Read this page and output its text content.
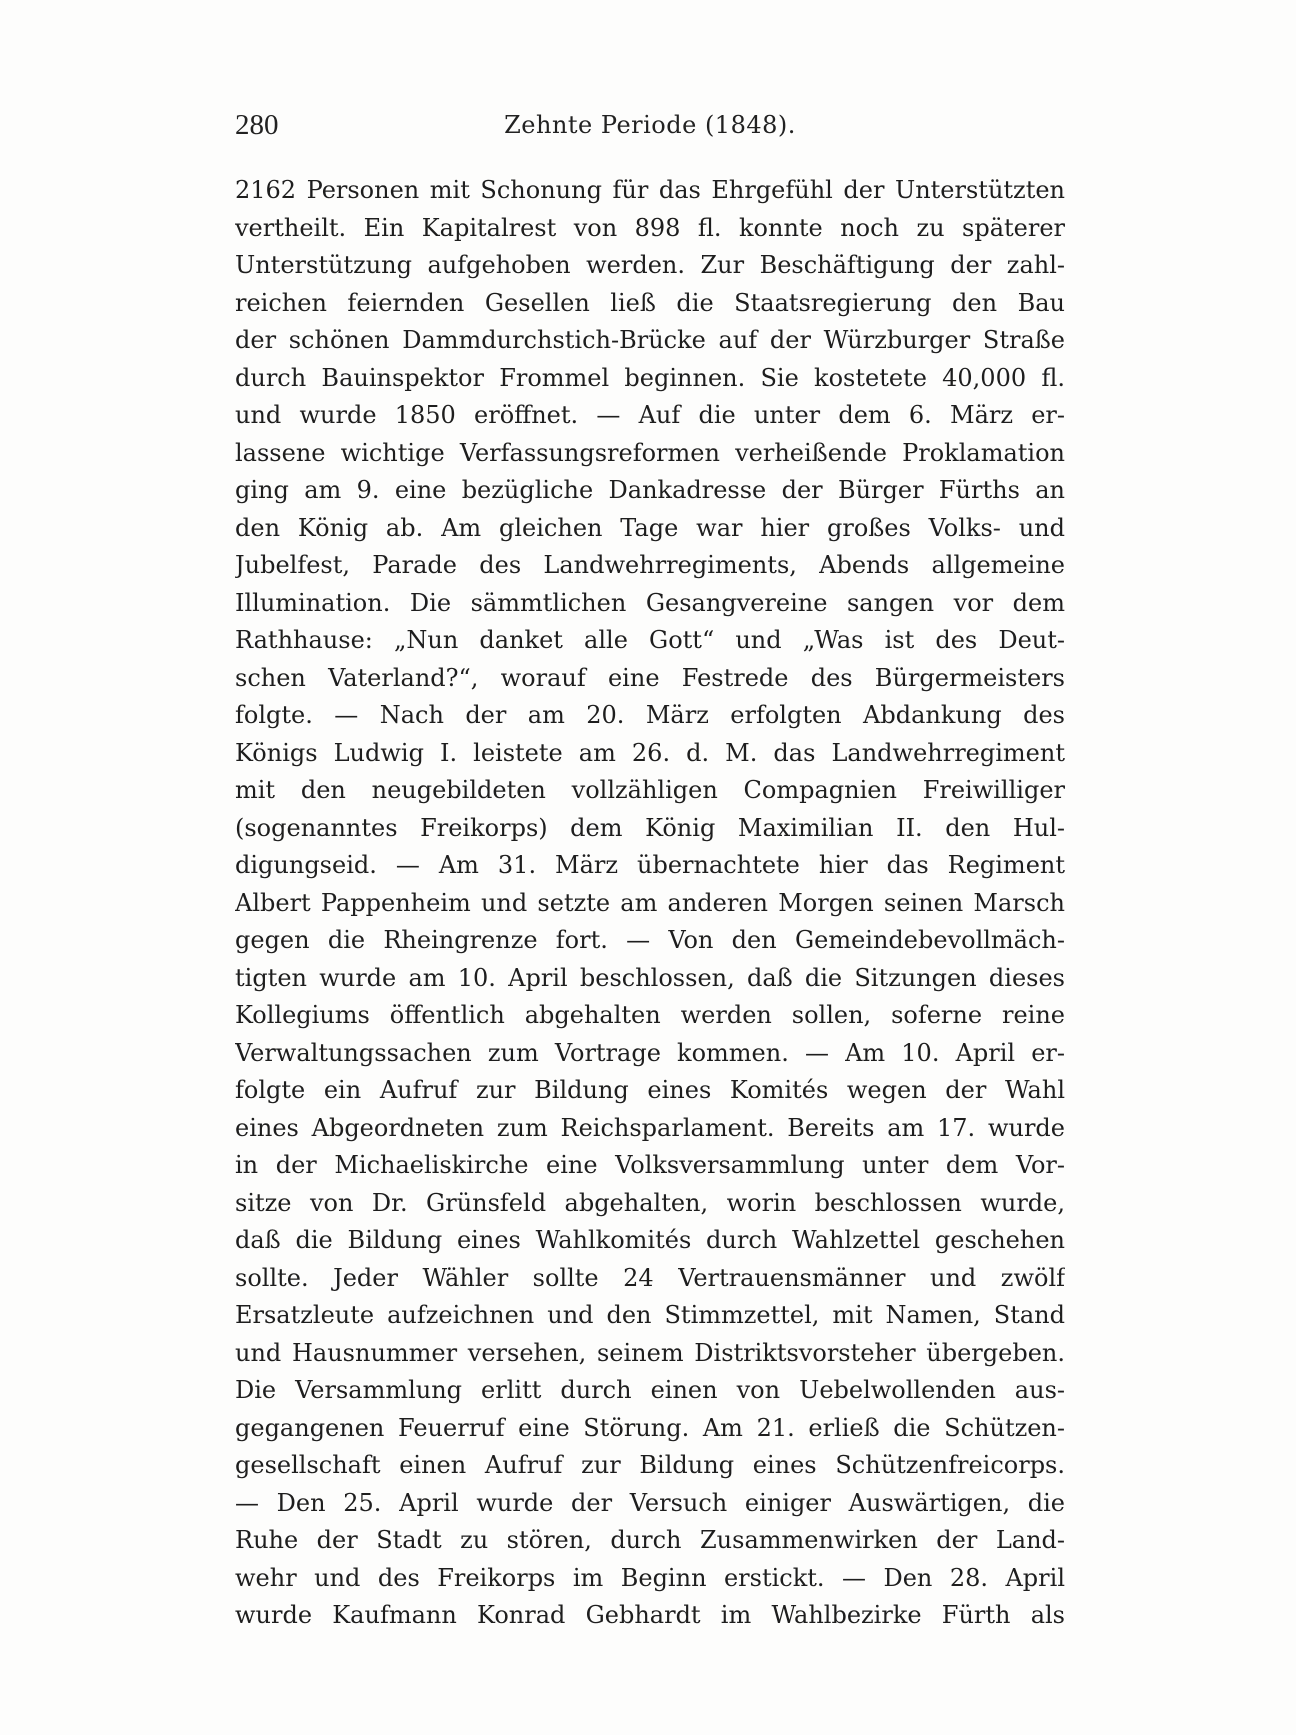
280	Zehnte Periode (1848).
2162 Personen mit Schonung für das Ehrgefühl der Unterstützten
vertheilt. Ein Kapitalrest von 898 fl. konnte noch zu späterer
Unterstützung aufgehoben werden. Zur Beschäftigung der zahl-
reichen feiernden Gesellen ließ die Staatsregierung den Bau
der schönen Dammdurchstich-Brücke auf der Würzburger Straße
durch Bauinspektor Frommel beginnen. Sie kostetete 40,000 fl.
und wurde 1850 eröffnet. — Auf die unter dem 6. März er-
lassene wichtige Verfassungsreformen verheißende Proklamation
ging am 9. eine bezügliche Dankadresse der Bürger Fürths an
den König ab. Am gleichen Tage war hier großes Volks- und
Jubelfest, Parade des Landwehrregiments, Abends allgemeine
Illumination. Die sämmtlichen Gesangvereine sangen vor dem
Rathhause: „Nun danket alle Gott“ und „Was ist des Deut-
schen Vaterland?“, worauf eine Festrede des Bürgermeisters
folgte. — Nach der am 20. März erfolgten Abdankung des
Königs Ludwig I. leistete am 26. d. M. das Landwehrregiment
mit den neugebildeten vollzähligen Compagnien Freiwilliger
(sogenanntes Freikorps) dem König Maximilian II. den Hul-
digungseid. — Am 31. März übernachtete hier das Regiment
Albert Pappenheim und setzte am anderen Morgen seinen Marsch
gegen die Rheingrenze fort. — Von den Gemeindebevollmäch-
tigten wurde am 10. April beschlossen, daß die Sitzungen dieses
Kollegiums öffentlich abgehalten werden sollen, soferne reine
Verwaltungssachen zum Vortrage kommen. — Am 10. April er-
folgte ein Aufruf zur Bildung eines Komités wegen der Wahl
eines Abgeordneten zum Reichsparlament. Bereits am 17. wurde
in der Michaeliskirche eine Volksversammlung unter dem Vor-
sitze von Dr. Grünsfeld abgehalten, worin beschlossen wurde,
daß die Bildung eines Wahlkomités durch Wahlzettel geschehen
sollte. Jeder Wähler sollte 24 Vertrauensmänner und zwölf
Ersatzleute aufzeichnen und den Stimmzettel, mit Namen, Stand
und Hausnummer versehen, seinem Distriktsvorsteher übergeben.
Die Versammlung erlitt durch einen von Uebelwollenden aus-
gegangenen Feuerruf eine Störung. Am 21. erließ die Schützen-
gesellschaft einen Aufruf zur Bildung eines Schützenfreicorps.
— Den 25. April wurde der Versuch einiger Auswärtigen, die
Ruhe der Stadt zu stören, durch Zusammenwirken der Land-
wehr und des Freikorps im Beginn erstickt. — Den 28. April
wurde Kaufmann Konrad Gebhardt im Wahlbezirke Fürth als
